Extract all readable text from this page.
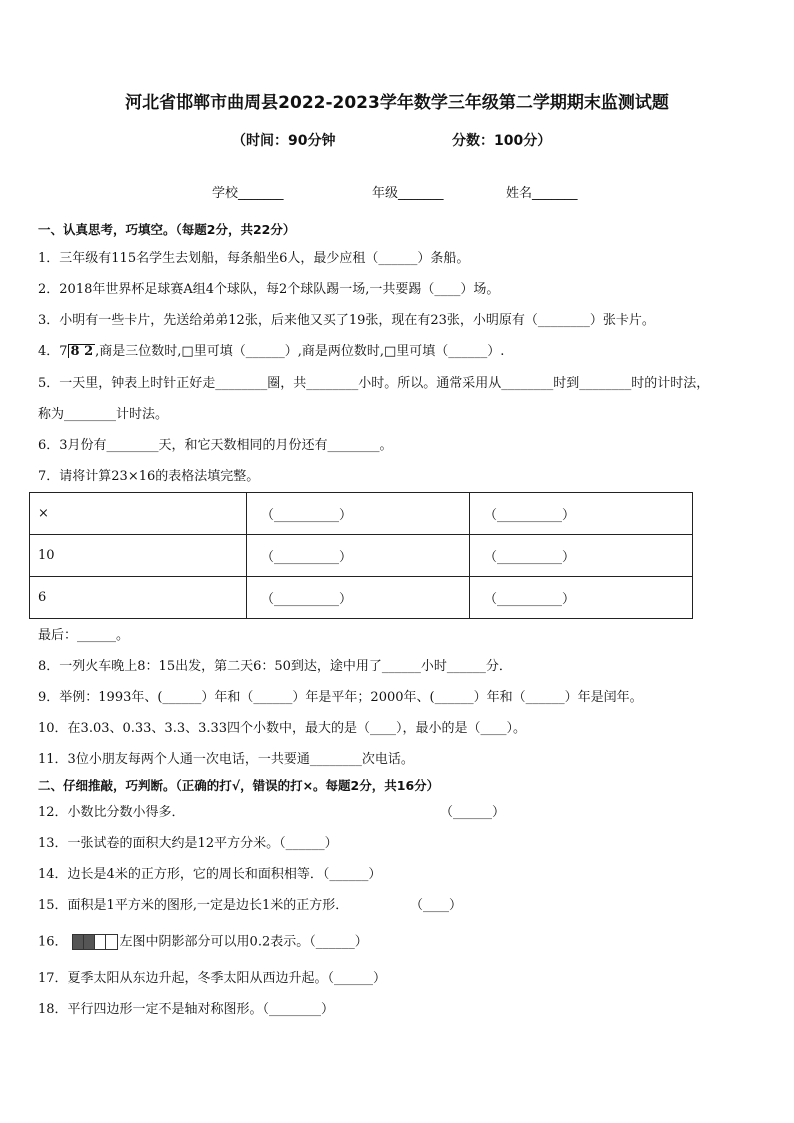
河北省邯郸市曲周县2022-2023学年数学三年级第二学期期末监测试题
（时间：90分钟	分数：100分）
学校_______	年级_______	姓名_______
一、认真思考，巧填空。（每题2分，共22分）
1．三年级有115名学生去划船，每条船坐6人，最少应租（______）条船。
2．2018年世界杯足球赛A组4个球队，每2个球队踢一场,一共要踢（____）场。
3．小明有一些卡片，先送给弟弟12张，后来他又买了19张，现在有23张，小明原有（________）张卡片。
4．7 8 2 ,商是三位数时,□里可填（______）,商是两位数时,□里可填（______）.
5．一天里，钟表上时针正好走________圈，共________小时。所以。通常采用从________时到________时的计时法，
称为________计时法。
6．3月份有________天，和它天数相同的月份还有________。
7．请将计算23×16的表格法填完整。
×	（__________）	（__________）
10	（__________）	（__________）
6	（__________）	（__________）
最后：______。
8．一列火车晚上8：15出发，第二天6：50到达，途中用了______小时______分．
9．举例：1993年、(______）年和（______）年是平年；2000年、(______）年和（______）年是闰年。
10．在3.03、0.33、3.3、3.33四个小数中，最大的是（____），最小的是（____）。
11．3位小朋友每两个人通一次电话，一共要通________次电话。
二、仔细推敲，巧判断。（正确的打√，错误的打×。每题2分，共16分）
12．小数比分数小得多．	（______）
13．一张试卷的面积大约是12平方分米。（______）
14．边长是4米的正方形，它的周长和面积相等．（______）
15．面积是1平方米的图形,一定是边长1米的正方形．	（____）
16．	左图中阴影部分可以用0.2表示。（______）
17．夏季太阳从东边升起，冬季太阳从西边升起。（______）
18．平行四边形一定不是轴对称图形。（________）
